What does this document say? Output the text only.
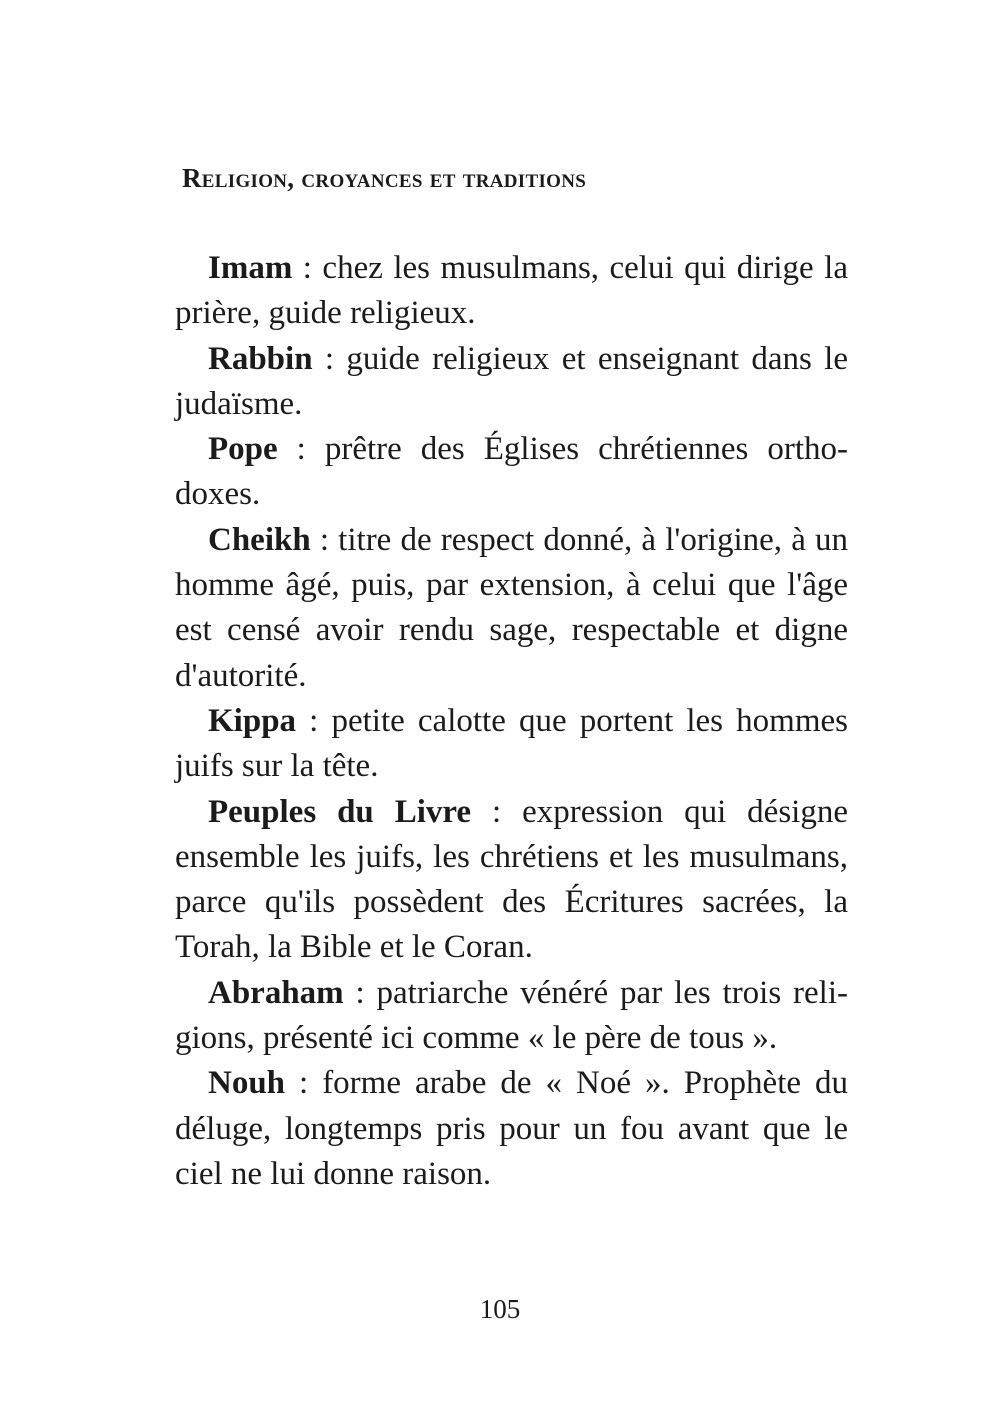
Religion, croyances et traditions

Imam : chez les musulmans, celui qui dirige la prière, guide religieux.

Rabbin : guide religieux et enseignant dans le judaïsme.

Pope : prêtre des Églises chrétiennes orthodoxes.

Cheikh : titre de respect donné, à l'origine, à un homme âgé, puis, par extension, à celui que l'âge est censé avoir rendu sage, respectable et digne d'autorité.

Kippa : petite calotte que portent les hommes juifs sur la tête.

Peuples du Livre : expression qui désigne ensemble les juifs, les chrétiens et les musulmans, parce qu'ils possèdent des Écritures sacrées, la Torah, la Bible et le Coran.

Abraham : patriarche vénéré par les trois religions, présenté ici comme « le père de tous ».

Nouh : forme arabe de « Noé ». Prophète du déluge, longtemps pris pour un fou avant que le ciel ne lui donne raison.

105
